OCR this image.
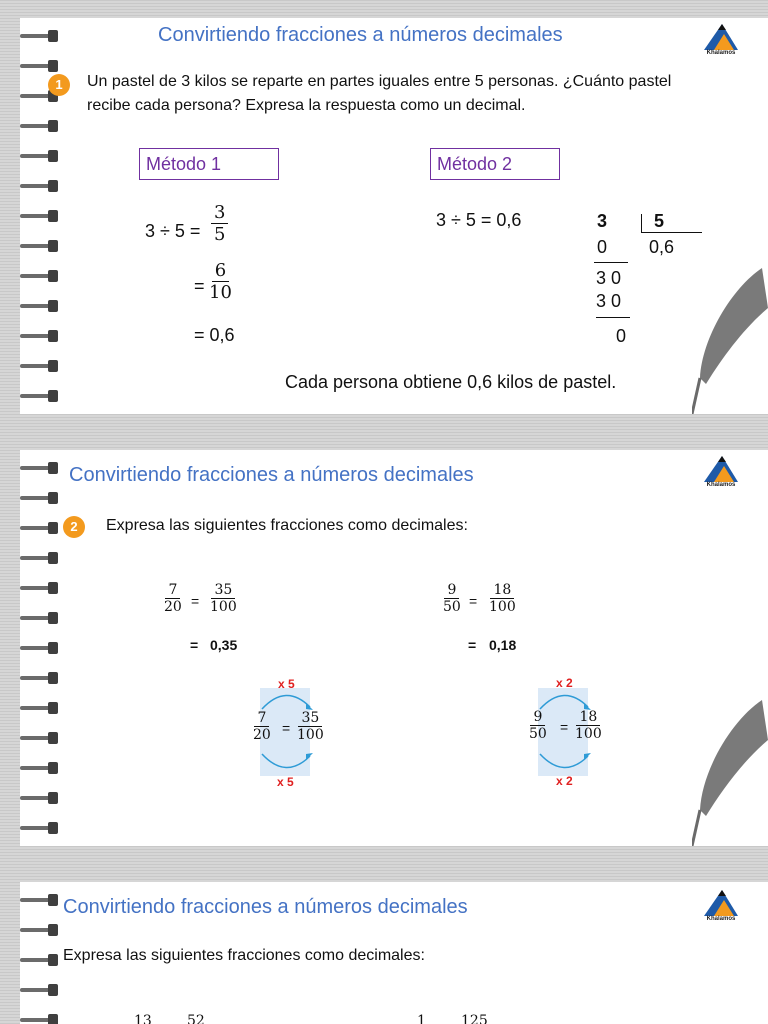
Convirtiendo fracciones a números decimales
Khalamos
1	Un pastel de 3 kilos se reparte en partes iguales entre 5 personas. ¿Cuánto pastel
recibe cada persona? Expresa la respuesta como un decimal.
Método 1	Método 2
$3 \div 5 = \frac{3}{5}$
= $\frac{6}{10}$
= 0,6
3 ÷ 5 = 0,6	3	5
0 0,6
3 0
3 0
0
Cada persona obtiene 0,6 kilos de pastel.
Convirtiendo fracciones a números decimales	Khalamos
2	Expresa las siguientes fracciones como decimales:
$\frac{7}{20} = \frac{35}{100}$
= 0,35
$\frac{9}{50} = \frac{18}{100}$
= 0,18
x 5
$\frac{7}{20} = \frac{35}{100}$
x 5
x 2
$\frac{9}{50} = \frac{18}{100}$
x 2
Convirtiendo fracciones a números decimales
Khalamos
Expresa las siguientes fracciones como decimales:
13	52	1	125
